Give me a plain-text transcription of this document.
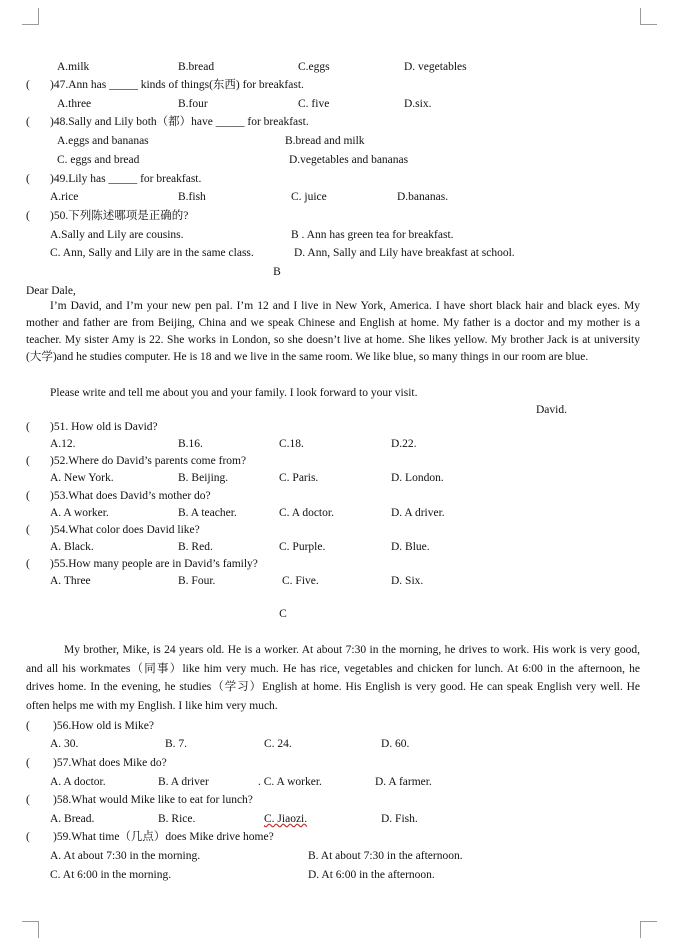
A.milk	B.bread	C.eggs	D. vegetables
( )47.Ann has _____ kinds of things(东西) for breakfast.
A.three	B.four	C. five	D.six.
( )48.Sally and Lily both（都）have _____ for breakfast.
A.eggs and bananas	B.bread and milk
C. eggs and bread	D.vegetables and bananas
( )49.Lily has _____ for breakfast.
A.rice	B.fish	C. juice	D.bananas.
( )50.下列陈述哪项是正确的?
A.Sally and Lily are cousins.	B . Ann has green tea for breakfast.
C. Ann, Sally and Lily are in the same class.	D. Ann, Sally and Lily have breakfast at school.
B
Dear Dale,
I’m David, and I’m your new pen pal. I’m 12 and I live in New York, America. I have short black hair and black eyes. My mother and father are from Beijing, China and we speak Chinese and English at home. My father is a doctor and my mother is a teacher. My sister Amy is 22. She works in London, so she doesn’t live at home. She likes yellow. My brother Jack is at university (大学)and he studies computer. He is 18 and we live in the same room. We like blue, so many things in our room are blue.
Please write and tell me about you and your family. I look forward to your visit.
David.
( )51. How old is David?
A.12.	B.16.	C.18.	D.22.
( )52.Where do David’s parents come from?
A. New York.	B. Beijing.	C. Paris.	D. London.
( )53.What does David’s mother do?
A. A worker.	B. A teacher.	C. A doctor.	D. A driver.
( )54.What color does David like?
A. Black.	B. Red.	C. Purple.	D. Blue.
( )55.How many people are in David’s family?
A. Three	B. Four.	C. Five.	D. Six.
C
My brother, Mike, is 24 years old. He is a worker. At about 7:30 in the morning, he drives to work. His work is very good, and all his workmates（同事）like him very much. He has rice, vegetables and chicken for lunch. At 6:00 in the afternoon, he drives home. In the evening, he studies（学习）English at home. His English is very good. He can speak English very well. He often helps me with my English. I like him very much.
( )56.How old is Mike?
A. 30.	B. 7.	C. 24.	D. 60.
( )57.What does Mike do?
A. A doctor.	B. A driver	. C. A worker.	D. A farmer.
( )58.What would Mike like to eat for lunch?
A. Bread.	B. Rice.	C. Jiaozi.	D. Fish.
( )59.What time（几点）does Mike drive home?
A. At about 7:30 in the morning.	B. At about 7:30 in the afternoon.
C. At 6:00 in the morning.	D. At 6:00 in the afternoon.
